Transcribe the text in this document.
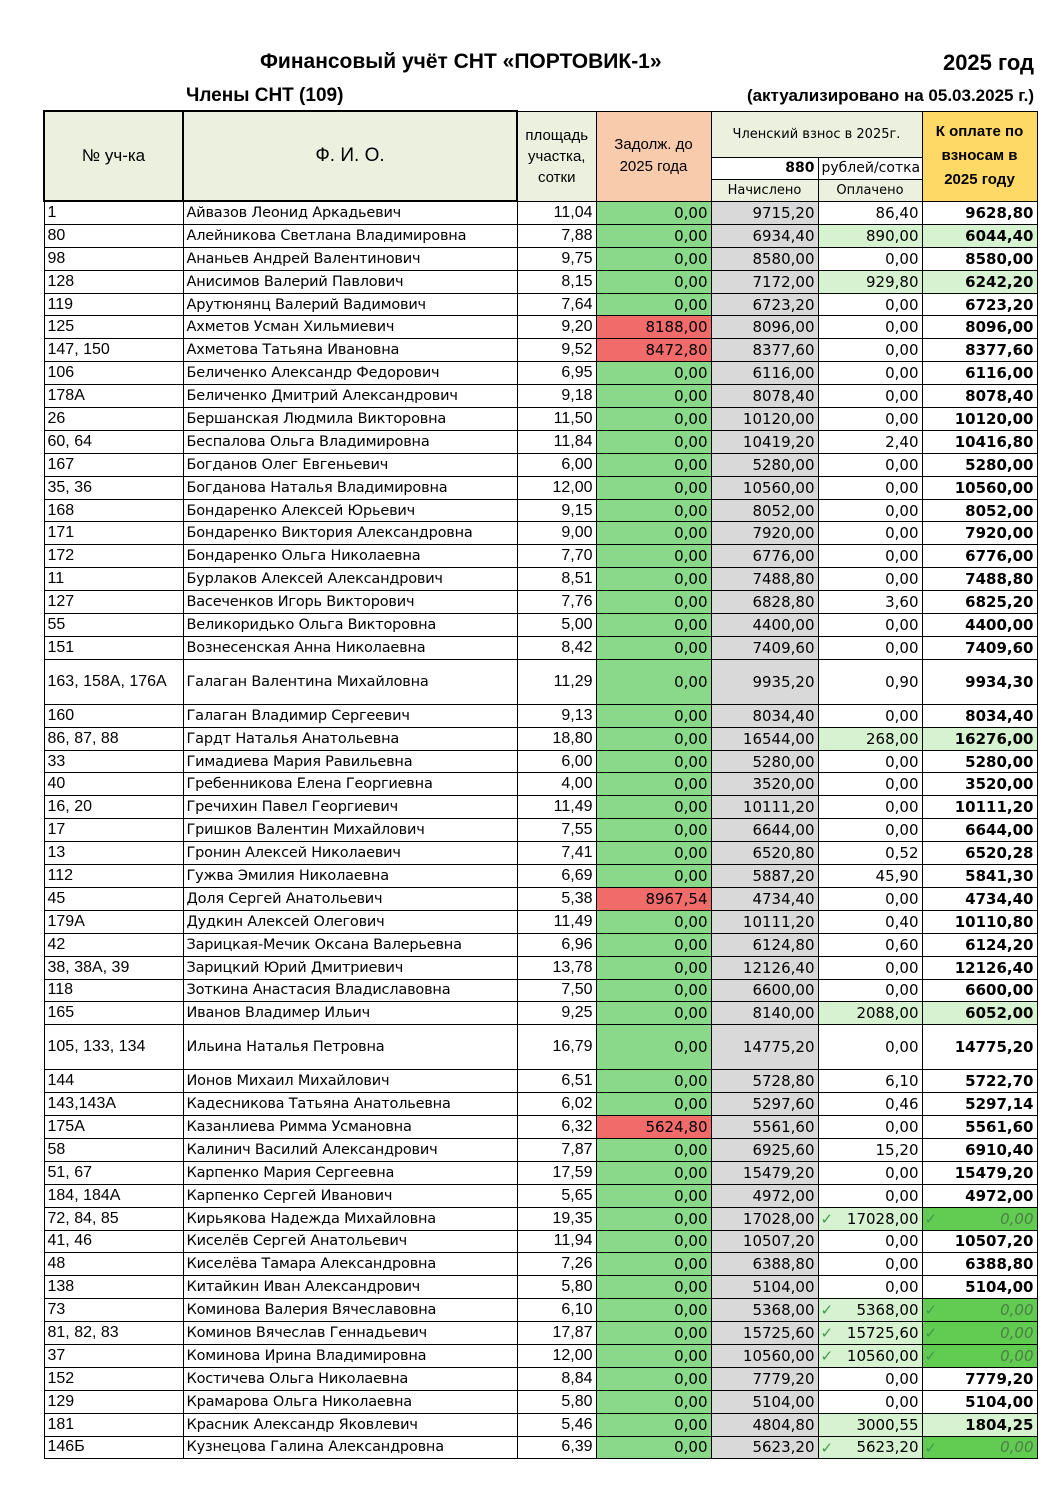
Финансовый учёт СНТ «ПОРТОВИК-1»	2025 год
Члены СНТ (109)	(актуализировано на 05.03.2025 г.)
№ уч-ка	Ф. И. О.	площадь участка, сотки	Задолж. до 2025 года	Членский взнос в 2025г.		К оплате по взносам в 2025 году
				880	рублей/сотка	
				Начислено	Оплачено	
1	Айвазов Леонид Аркадьевич	11,04	0,00	9715,20	86,40	9628,80
80	Алейникова Светлана Владимировна	7,88	0,00	6934,40	890,00	6044,40
98	Ананьев Андрей Валентинович	9,75	0,00	8580,00	0,00	8580,00
128	Анисимов Валерий Павлович	8,15	0,00	7172,00	929,80	6242,20
119	Арутюнянц Валерий Вадимович	7,64	0,00	6723,20	0,00	6723,20
125	Ахметов Усман Хильмиевич	9,20	8188,00	8096,00	0,00	8096,00
147, 150	Ахметова Татьяна Ивановна	9,52	8472,80	8377,60	0,00	8377,60
106	Беличенко Александр Федорович	6,95	0,00	6116,00	0,00	6116,00
178А	Беличенко Дмитрий Александрович	9,18	0,00	8078,40	0,00	8078,40
26	Бершанская Людмила Викторовна	11,50	0,00	10120,00	0,00	10120,00
60, 64	Беспалова Ольга Владимировна	11,84	0,00	10419,20	2,40	10416,80
167	Богданов Олег Евгеньевич	6,00	0,00	5280,00	0,00	5280,00
35, 36	Богданова Наталья Владимировна	12,00	0,00	10560,00	0,00	10560,00
168	Бондаренко Алексей Юрьевич	9,15	0,00	8052,00	0,00	8052,00
171	Бондаренко Виктория Александровна	9,00	0,00	7920,00	0,00	7920,00
172	Бондаренко Ольга Николаевна	7,70	0,00	6776,00	0,00	6776,00
11	Бурлаков Алексей Александрович	8,51	0,00	7488,80	0,00	7488,80
127	Васеченков Игорь Викторович	7,76	0,00	6828,80	3,60	6825,20
55	Великоридько Ольга Викторовна	5,00	0,00	4400,00	0,00	4400,00
151	Вознесенская Анна Николаевна	8,42	0,00	7409,60	0,00	7409,60
163, 158А, 176А	Галаган Валентина Михайловна	11,29	0,00	9935,20	0,90	9934,30
160	Галаган Владимир Сергеевич	9,13	0,00	8034,40	0,00	8034,40
86, 87, 88	Гардт Наталья Анатольевна	18,80	0,00	16544,00	268,00	16276,00
33	Гимадиева Мария Равильевна	6,00	0,00	5280,00	0,00	5280,00
40	Гребенникова Елена Георгиевна	4,00	0,00	3520,00	0,00	3520,00
16, 20	Гречихин Павел Георгиевич	11,49	0,00	10111,20	0,00	10111,20
17	Гришков Валентин Михайлович	7,55	0,00	6644,00	0,00	6644,00
13	Гронин Алексей Николаевич	7,41	0,00	6520,80	0,52	6520,28
112	Гужва Эмилия Николаевна	6,69	0,00	5887,20	45,90	5841,30
45	Доля Сергей Анатольевич	5,38	8967,54	4734,40	0,00	4734,40
179А	Дудкин Алексей Олегович	11,49	0,00	10111,20	0,40	10110,80
42	Зарицкая-Мечик Оксана Валерьевна	6,96	0,00	6124,80	0,60	6124,20
38, 38А, 39	Зарицкий Юрий Дмитриевич	13,78	0,00	12126,40	0,00	12126,40
118	Зоткина Анастасия Владиславовна	7,50	0,00	6600,00	0,00	6600,00
165	Иванов Владимер Ильич	9,25	0,00	8140,00	2088,00	6052,00
105, 133, 134	Ильина Наталья Петровна	16,79	0,00	14775,20	0,00	14775,20
144	Ионов Михаил Михайлович	6,51	0,00	5728,80	6,10	5722,70
143,143А	Кадесникова Татьяна Анатольевна	6,02	0,00	5297,60	0,46	5297,14
175А	Казанлиева Римма Усмановна	6,32	5624,80	5561,60	0,00	5561,60
58	Калинич Василий Александрович	7,87	0,00	6925,60	15,20	6910,40
51, 67	Карпенко Мария Сергеевна	17,59	0,00	15479,20	0,00	15479,20
184, 184А	Карпенко Сергей Иванович	5,65	0,00	4972,00	0,00	4972,00
72, 84, 85	Кирьякова Надежда Михайловна	19,35	0,00	17028,00	✓ 17028,00	✓ 0,00
41, 46	Киселёв Сергей Анатольевич	11,94	0,00	10507,20	0,00	10507,20
48	Киселёва Тамара Александровна	7,26	0,00	6388,80	0,00	6388,80
138	Китайкин Иван Александрович	5,80	0,00	5104,00	0,00	5104,00
73	Коминова Валерия Вячеславовна	6,10	0,00	5368,00	✓ 5368,00	✓ 0,00
81, 82, 83	Коминов Вячеслав Геннадьевич	17,87	0,00	15725,60	✓ 15725,60	✓ 0,00
37	Коминова Ирина Владимировна	12,00	0,00	10560,00	✓ 10560,00	✓ 0,00
152	Костичева Ольга Николаевна	8,84	0,00	7779,20	0,00	7779,20
129	Крамарова Ольга Николаевна	5,80	0,00	5104,00	0,00	5104,00
181	Красник Александр Яковлевич	5,46	0,00	4804,80	3000,55	1804,25
146Б	Кузнецова Галина Александровна	6,39	0,00	5623,20	✓ 5623,20	✓ 0,00
